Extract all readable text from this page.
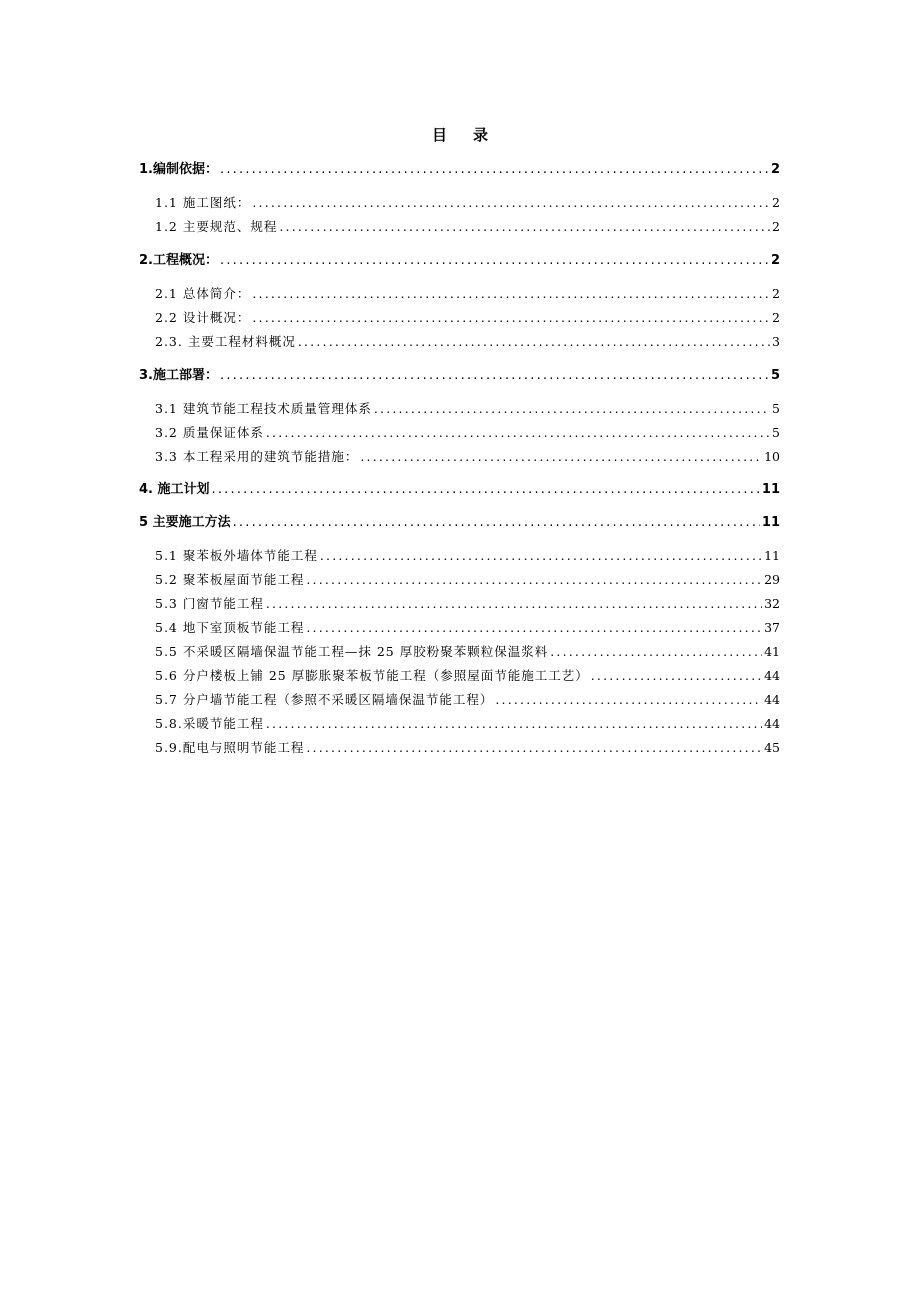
目 录
1.编制依据： .....	2
1.1 施工图纸： .....	2
1.2 主要规范、规程 .....	2
2.工程概况： .....	2
2.1 总体简介： .....	2
2.2 设计概况： .....	2
2.3. 主要工程材料概况 .....	3
3.施工部署： .....	5
3.1 建筑节能工程技术质量管理体系 .....	5
3.2 质量保证体系 .....	5
3.3 本工程采用的建筑节能措施： .....	10
4. 施工计划 .....	11
5 主要施工方法 .....	11
5.1 聚苯板外墙体节能工程 .....	11
5.2 聚苯板屋面节能工程 .....	29
5.3 门窗节能工程 .....	32
5.4 地下室顶板节能工程 .....	37
5.5 不采暖区隔墙保温节能工程—抹 25 厚胶粉聚苯颗粒保温浆料 .....	41
5.6 分户楼板上铺 25 厚膨胀聚苯板节能工程（参照屋面节能施工工艺） .....	44
5.7 分户墙节能工程（参照不采暖区隔墙保温节能工程） .....	44
5.8.采暖节能工程 .....	44
5.9.配电与照明节能工程 .....	45
